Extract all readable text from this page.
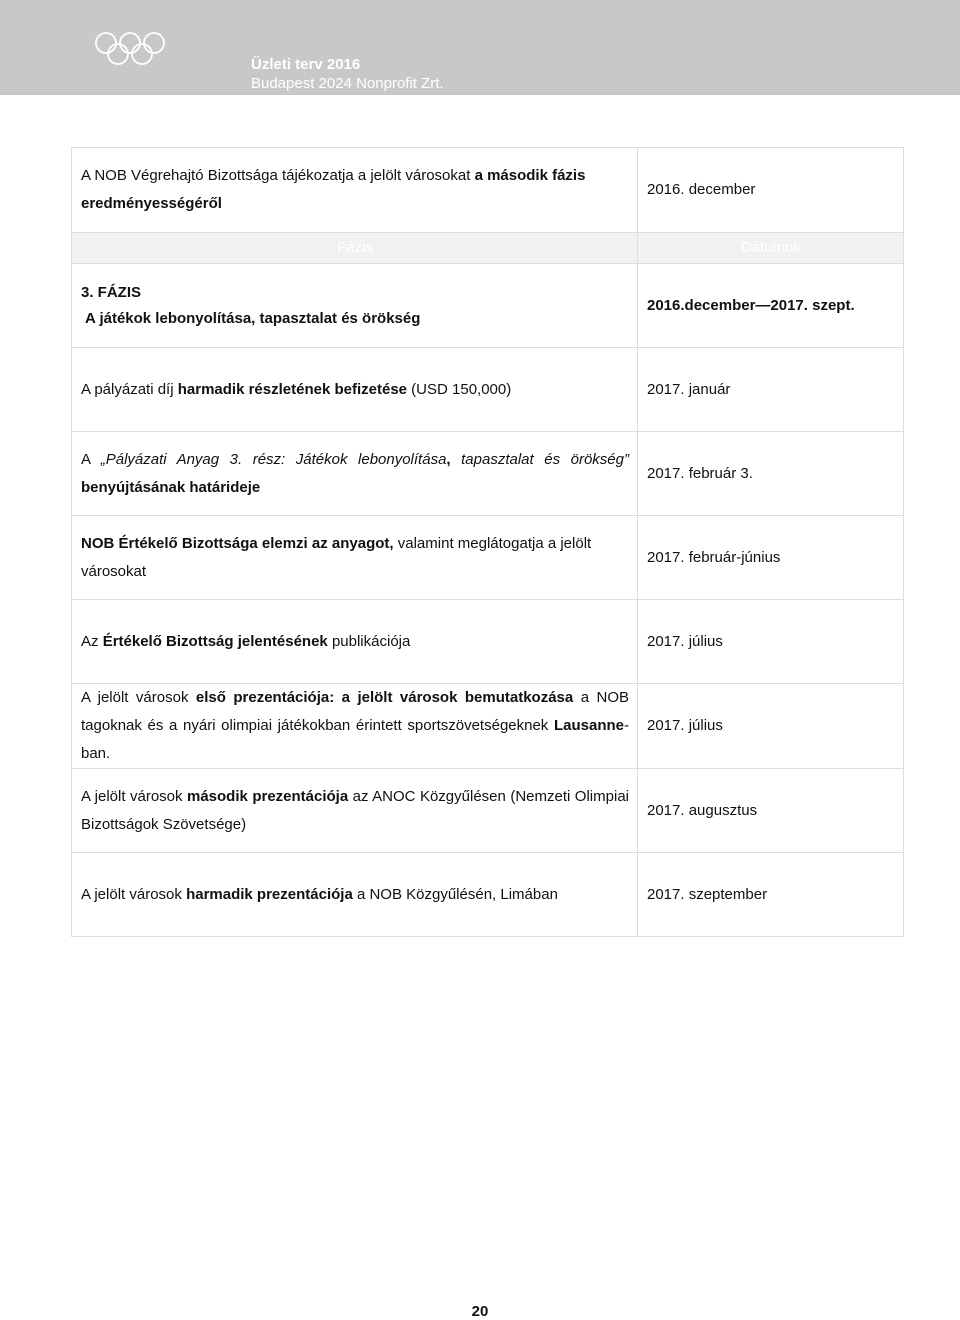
Üzleti terv 2016
Budapest 2024 Nonprofit Zrt.
A NOB Végrehajtó Bizottsága tájékozatja a jelölt városokat a második fázis eredményességéről	2016. december
Fázis	Dátumok

3. FÁZIS
A játékok lebonyolítása, tapasztalat és örökség	2016.december—2017. szept.
A pályázati díj harmadik részletének befizetése (USD 150,000)	2017. január
A „Pályázati Anyag 3. rész: Játékok lebonyolítása, tapasztalat és örökség” benyújtásának határideje	2017. február 3.
NOB Értékelő Bizottsága elemzi az anyagot, valamint meglátogatja a jelölt városokat	2017. február-június
Az Értékelő Bizottság jelentésének publikációja	2017. július
A jelölt városok első prezentációja: a jelölt városok bemutatkozása a NOB tagoknak és a nyári olimpiai játékokban érintett sportszövetségeknek Lausanne-ban.	2017. július
A jelölt városok második prezentációja az ANOC Közgyűlésen (Nemzeti Olimpiai Bizottságok Szövetsége)	2017. augusztus
A jelölt városok harmadik prezentációja a NOB Közgyűlésén, Limában	2017. szeptember
20
